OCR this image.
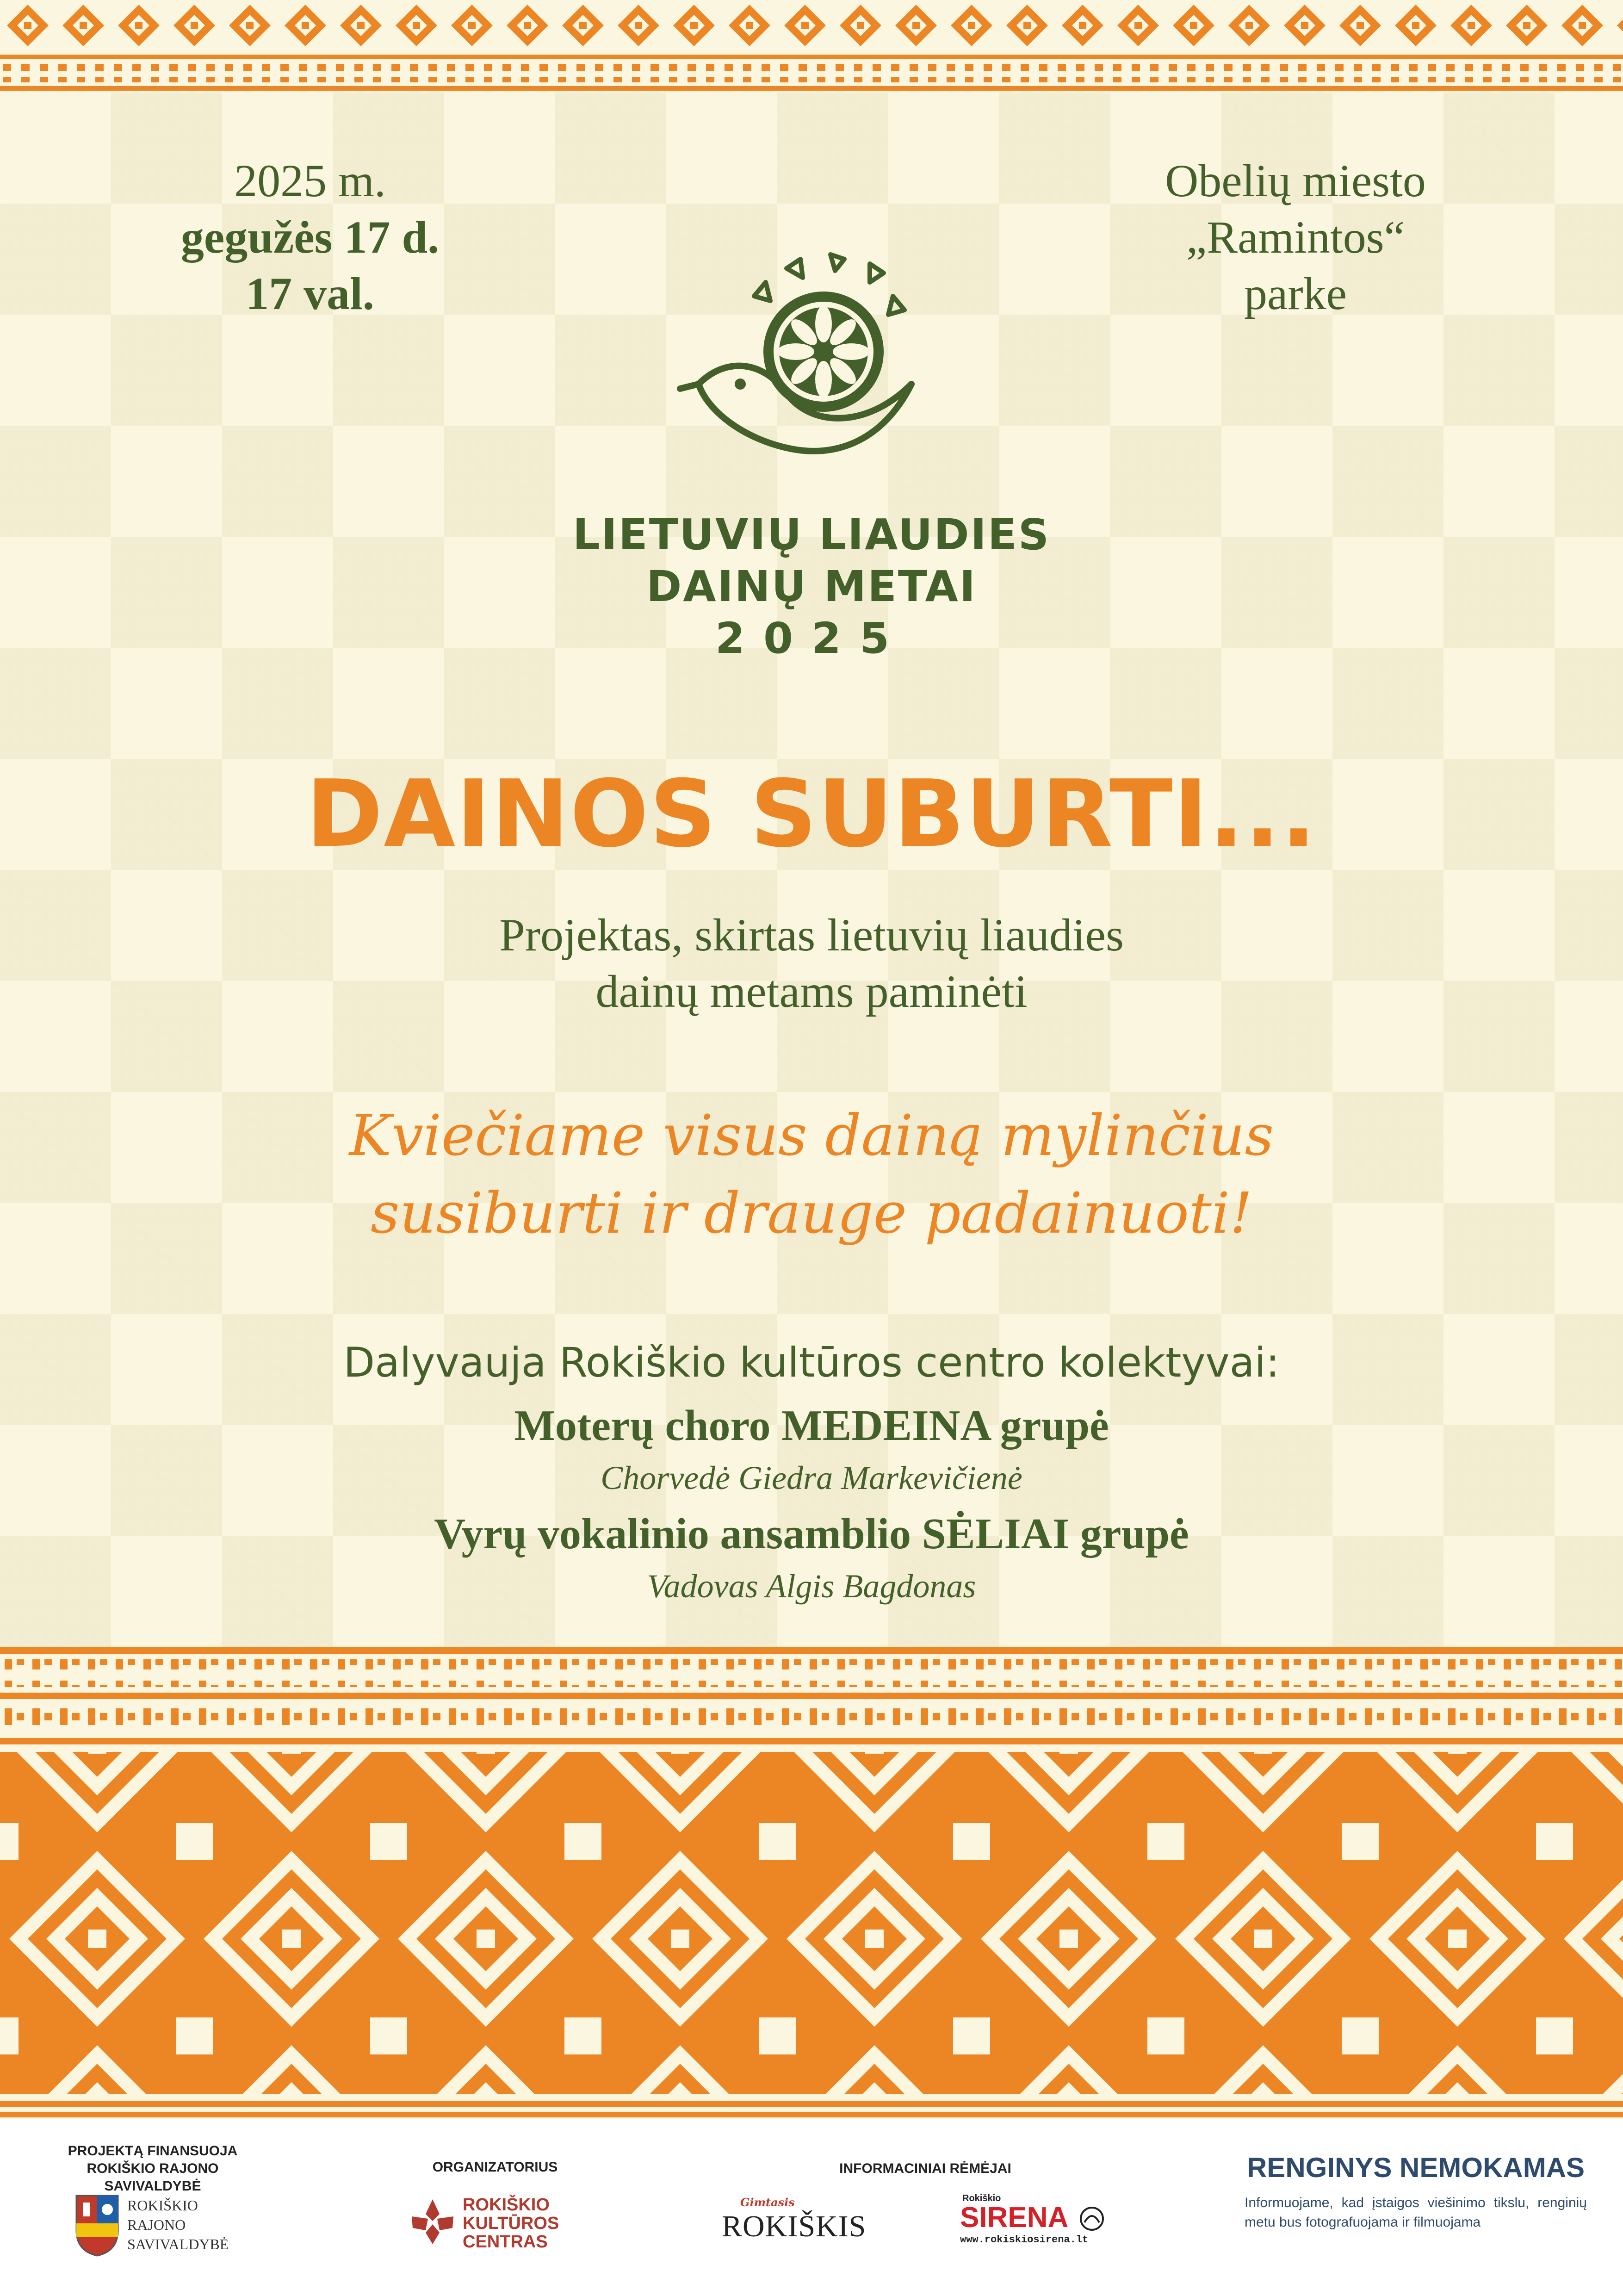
2025 m.
gegužės 17 d.
17 val.
Obelių miesto
„Ramintos“
parke
LIETUVIŲ LIAUDIES
DAINŲ METAI
2025
DAINOS SUBURTI...
Projektas, skirtas lietuvių liaudies
dainų metams paminėti
Kviečiame visus dainą mylinčius
susiburti ir drauge padainuoti!
Dalyvauja Rokiškio kultūros centro kolektyvai:
Moterų choro MEDEINA grupė
Chorvedė Giedra Markevičienė
Vyrų vokalinio ansamblio SĖLIAI grupė
Vadovas Algis Bagdonas
PROJEKTĄ FINANSUOJA
ROKIŠKIO RAJONO SAVIVALDYBĖ
ROKIŠKIO
RAJONO
SAVIVALDYBĖ
ORGANIZATORIUS
ROKIŠKIO
KULTŪROS
CENTRAS
INFORMACINIAI RĖMĖJAI
Gimtasis
ROKIŠKIS
Rokiškio
SIRENA
www.rokiskiosirena.lt
RENGINYS NEMOKAMAS
Informuojame, kad įstaigos viešinimo tikslu, renginių metu bus fotografuojama ir filmuojama
